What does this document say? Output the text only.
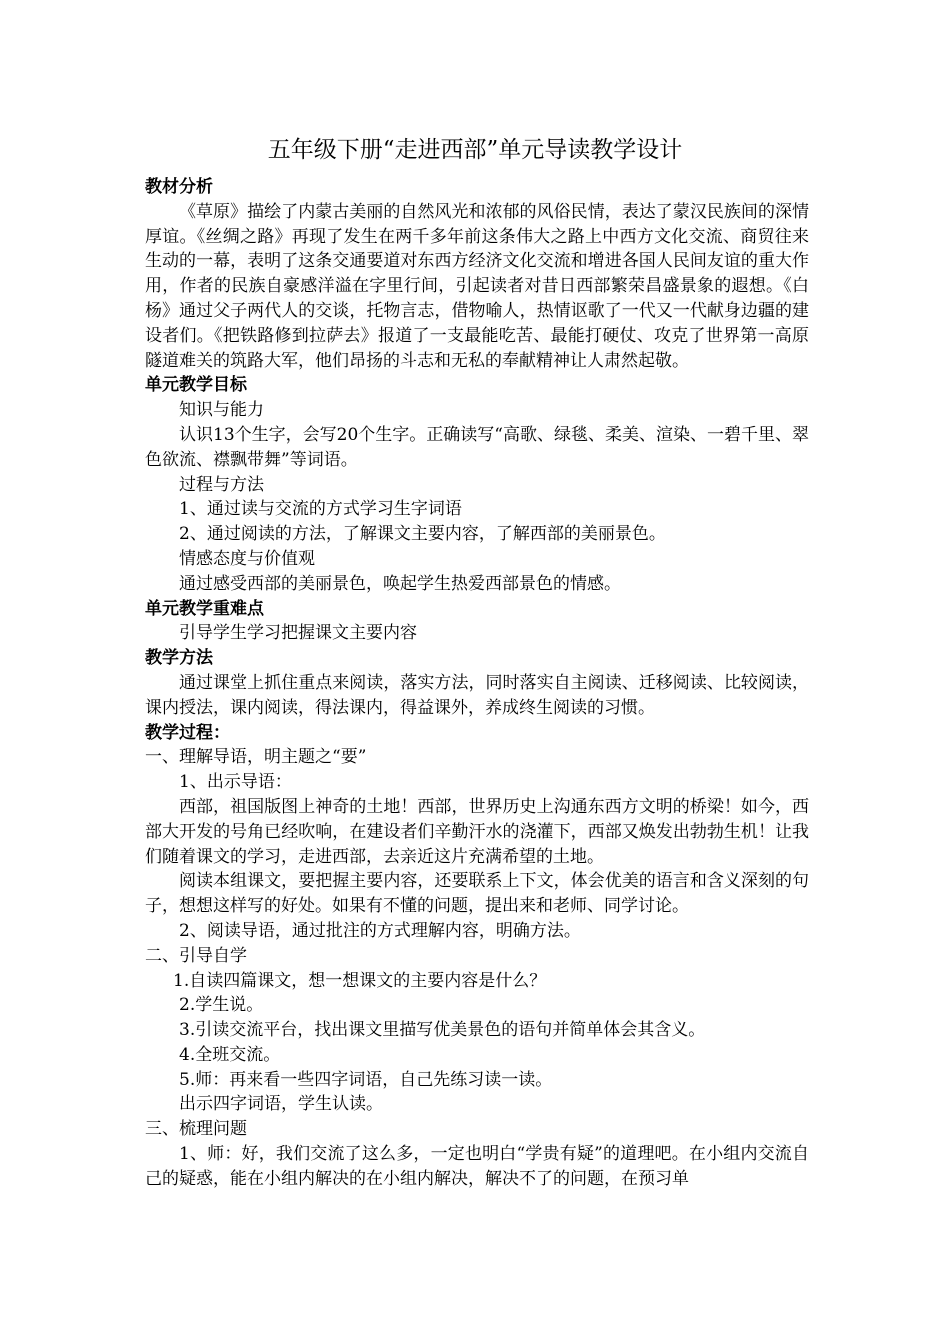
五年级下册“走进西部”单元导读教学设计

教材分析

《草原》描绘了内蒙古美丽的自然风光和浓郁的风俗民情，表达了蒙汉民族间的深情厚谊。《丝绸之路》再现了发生在两千多年前这条伟大之路上中西方文化交流、商贸往来生动的一幕，表明了这条交通要道对东西方经济文化交流和增进各国人民间友谊的重大作用，作者的民族自豪感洋溢在字里行间，引起读者对昔日西部繁荣昌盛景象的遐想。《白杨》通过父子两代人的交谈，托物言志，借物喻人，热情讴歌了一代又一代献身边疆的建设者们。《把铁路修到拉萨去》报道了一支最能吃苦、最能打硬仗、攻克了世界第一高原隧道难关的筑路大军，他们昂扬的斗志和无私的奉献精神让人肃然起敬。

单元教学目标

知识与能力

认识13个生字，会写20个生字。正确读写“高歌、绿毯、柔美、渲染、一碧千里、翠色欲流、襟飘带舞”等词语。

过程与方法

1、通过读与交流的方式学习生字词语

2、通过阅读的方法，了解课文主要内容，了解西部的美丽景色。

情感态度与价值观

通过感受西部的美丽景色，唤起学生热爱西部景色的情感。

单元教学重难点

引导学生学习把握课文主要内容

教学方法

通过课堂上抓住重点来阅读，落实方法，同时落实自主阅读、迁移阅读、比较阅读，课内授法，课内阅读，得法课内，得益课外，养成终生阅读的习惯。

教学过程：

一、理解导语，明主题之“要”

1、出示导语：

西部，祖国版图上神奇的土地！西部，世界历史上沟通东西方文明的桥梁！如今，西部大开发的号角已经吹响，在建设者们辛勤汗水的浇灌下，西部又焕发出勃勃生机！让我们随着课文的学习，走进西部，去亲近这片充满希望的土地。

阅读本组课文，要把握主要内容，还要联系上下文，体会优美的语言和含义深刻的句子，想想这样写的好处。如果有不懂的问题，提出来和老师、同学讨论。

2、阅读导语，通过批注的方式理解内容，明确方法。

二、引导自学

1.自读四篇课文，想一想课文的主要内容是什么？

2.学生说。

3.引读交流平台，找出课文里描写优美景色的语句并简单体会其含义。

4.全班交流。

5.师：再来看一些四字词语，自己先练习读一读。

出示四字词语，学生认读。

三、梳理问题

1、师：好，我们交流了这么多，一定也明白“学贵有疑”的道理吧。在小组内交流自己的疑惑，能在小组内解决的在小组内解决，解决不了的问题，在预习单
